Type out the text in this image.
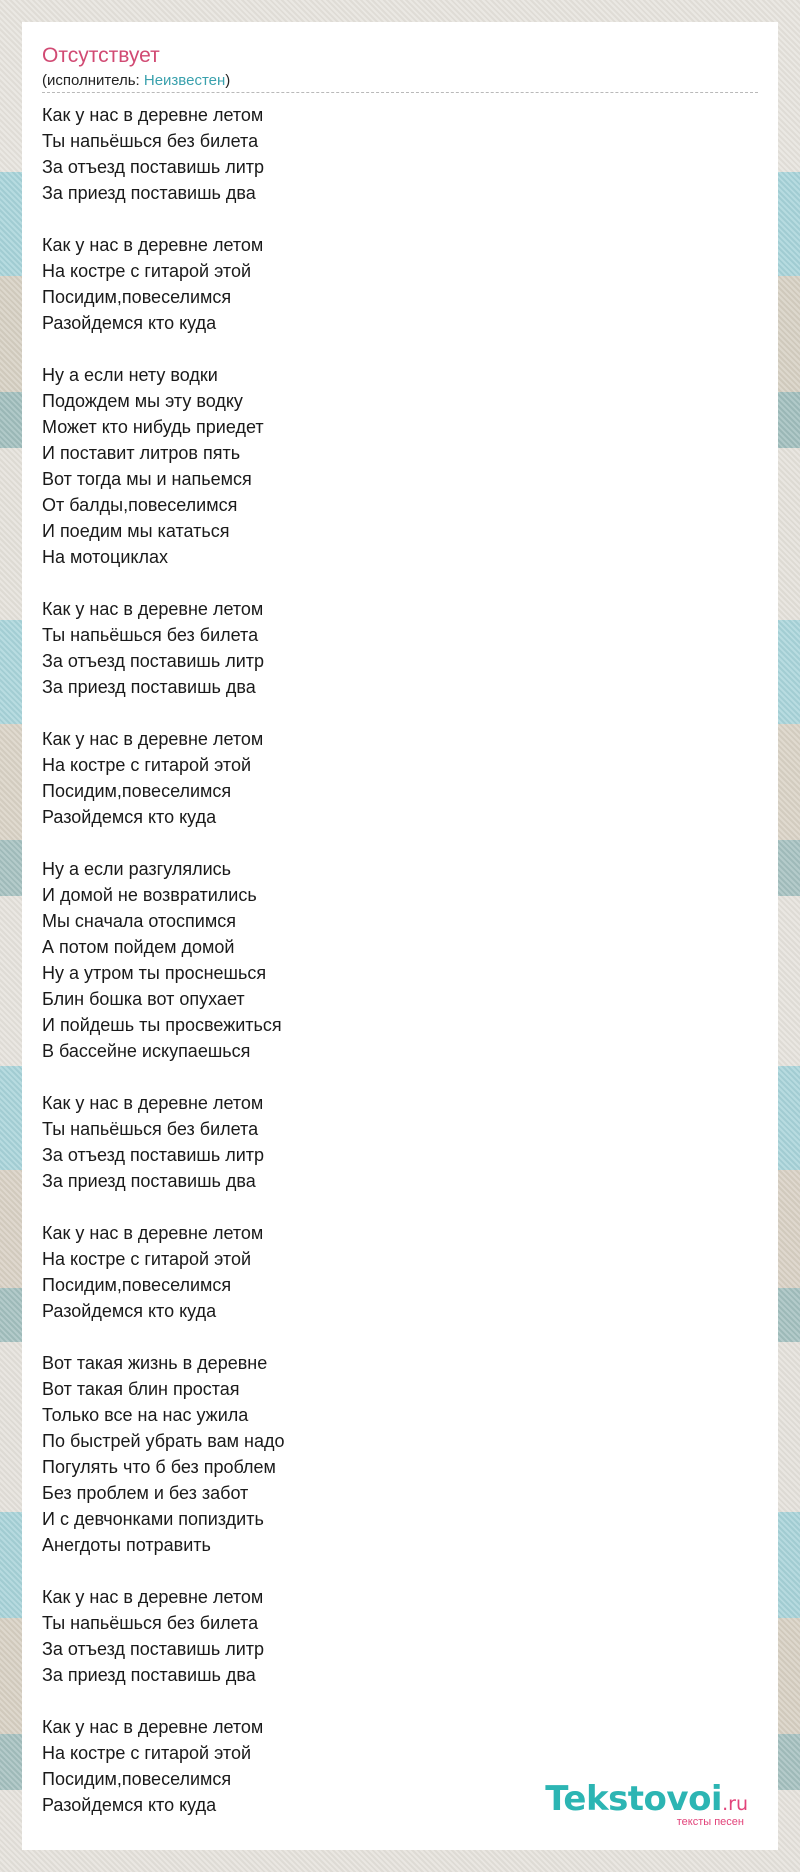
Отсутствует
(исполнитель: Неизвестен)
Как у нас в деревне летом
Ты напьёшься без билета
За отъезд поставишь литр
За приезд поставишь два
Как у нас в деревне летом
На костре с гитарой этой
Посидим,повеселимся
Разойдемся кто куда
Ну а если нету водки
Подождем мы эту водку
Может кто нибудь приедет
И поставит литров пять
Вот тогда мы и напьемся
От балды,повеселимся
И поедим мы кататься
На мотоциклах
Как у нас в деревне летом
Ты напьёшься без билета
За отъезд поставишь литр
За приезд поставишь два
Как у нас в деревне летом
На костре с гитарой этой
Посидим,повеселимся
Разойдемся кто куда
Ну а если разгулялись
И домой не возвратились
Мы сначала отоспимся
А потом пойдем домой
Ну а утром ты проснешься
Блин бошка вот опухает
И пойдешь ты просвежиться
В бассейне искупаешься
Как у нас в деревне летом
Ты напьёшься без билета
За отъезд поставишь литр
За приезд поставишь два
Как у нас в деревне летом
На костре с гитарой этой
Посидим,повеселимся
Разойдемся кто куда
Вот такая жизнь в деревне
Вот такая блин простая
Только все на нас ужила
По быстрей убрать вам надо
Погулять что б без проблем
Без проблем и без забот
И с девчонками попиздить
Анегдоты потравить
Как у нас в деревне летом
Ты напьёшься без билета
За отъезд поставишь литр
За приезд поставишь два
Как у нас в деревне летом
На костре с гитарой этой
Посидим,повеселимся
Разойдемся кто куда	Tekstovoi.ru
тексты песен
